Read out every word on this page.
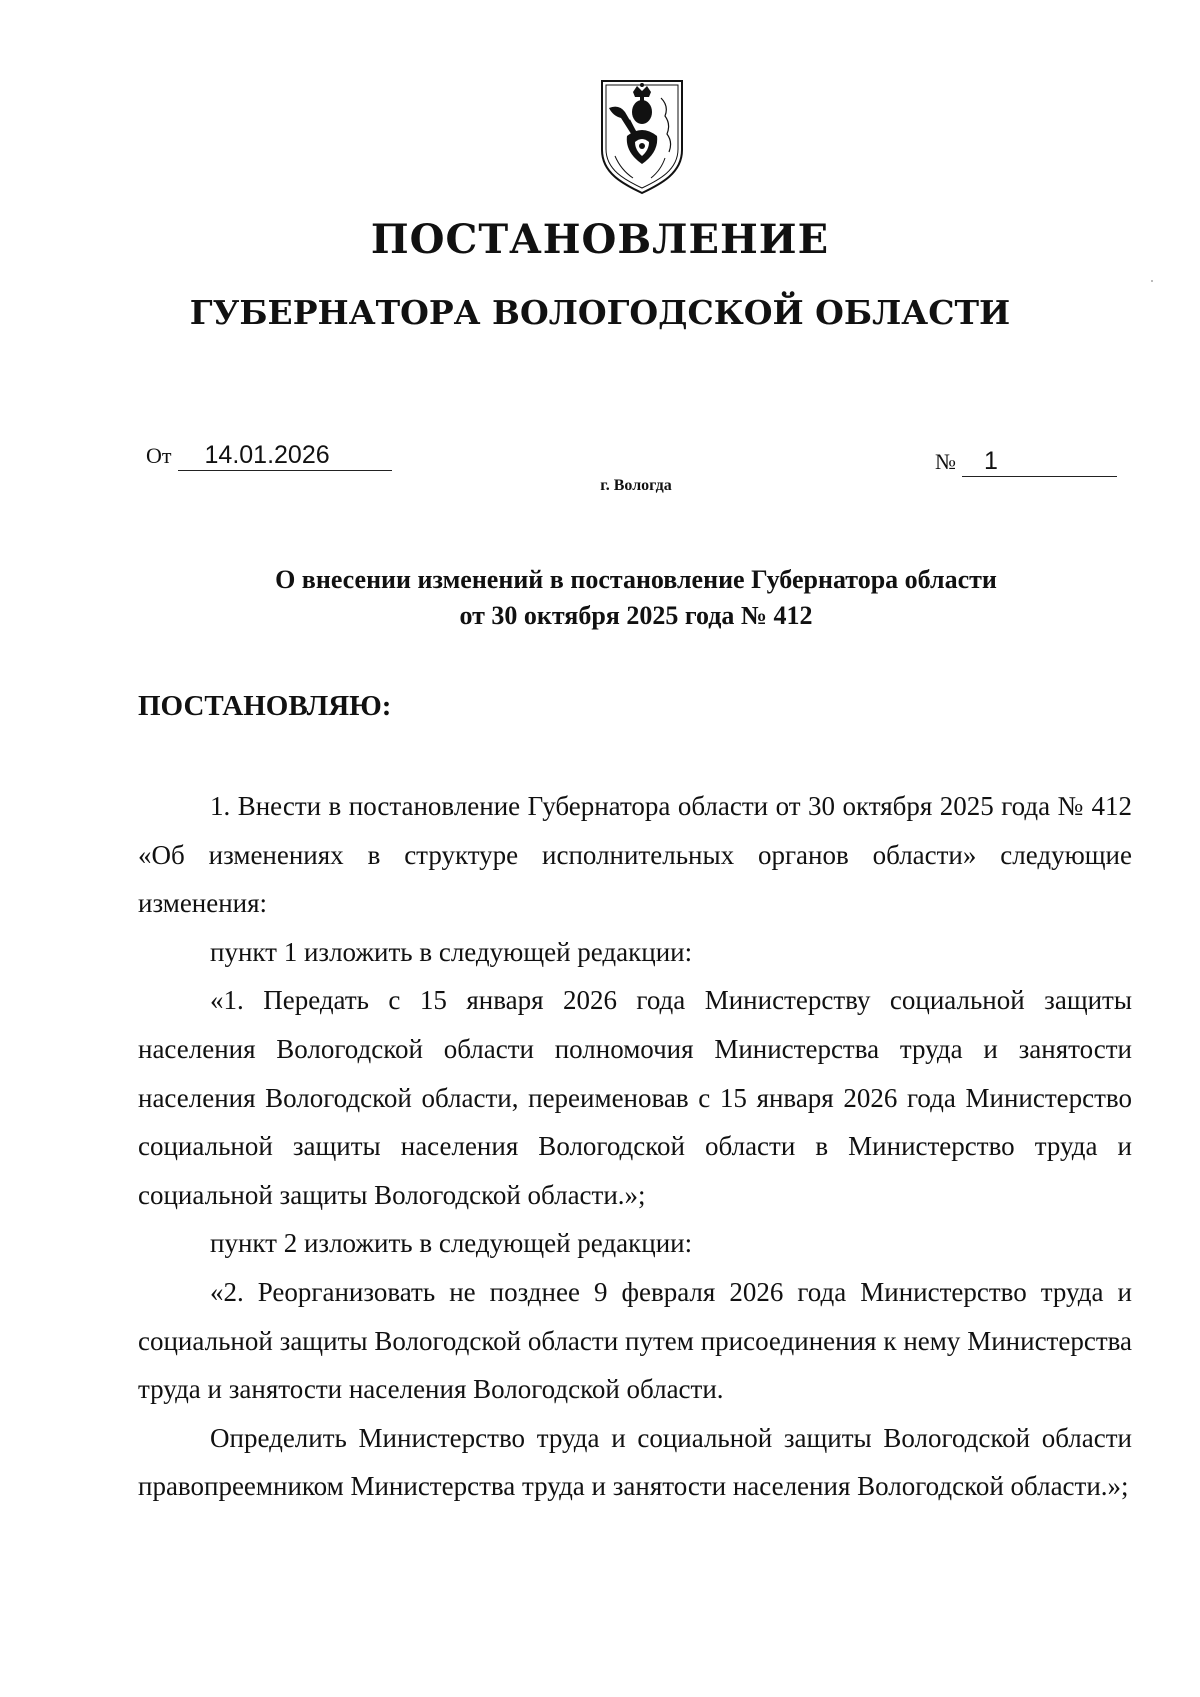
ПОСТАНОВЛЕНИЕ
ГУБЕРНАТОРА ВОЛОГОДСКОЙ ОБЛАСТИ
От 14.01.2026	№ 1
г. Вологда
О внесении изменений в постановление Губернатора области
от 30 октября 2025 года № 412
ПОСТАНОВЛЯЮ:

1. Внести в постановление Губернатора области от 30 октября 2025 года № 412 «Об изменениях в структуре исполнительных органов области» следующие изменения:

пункт 1 изложить в следующей редакции:

«1. Передать с 15 января 2026 года Министерству социальной защиты населения Вологодской области полномочия Министерства труда и занятости населения Вологодской области, переименовав с 15 января 2026 года Министерство социальной защиты населения Вологодской области в Министерство труда и социальной защиты Вологодской области.»;

пункт 2 изложить в следующей редакции:

«2. Реорганизовать не позднее 9 февраля 2026 года Министерство труда и социальной защиты Вологодской области путем присоединения к нему Министерства труда и занятости населения Вологодской области.

Определить Министерство труда и социальной защиты Вологодской области правопреемником Министерства труда и занятости населения Вологодской области.»;
